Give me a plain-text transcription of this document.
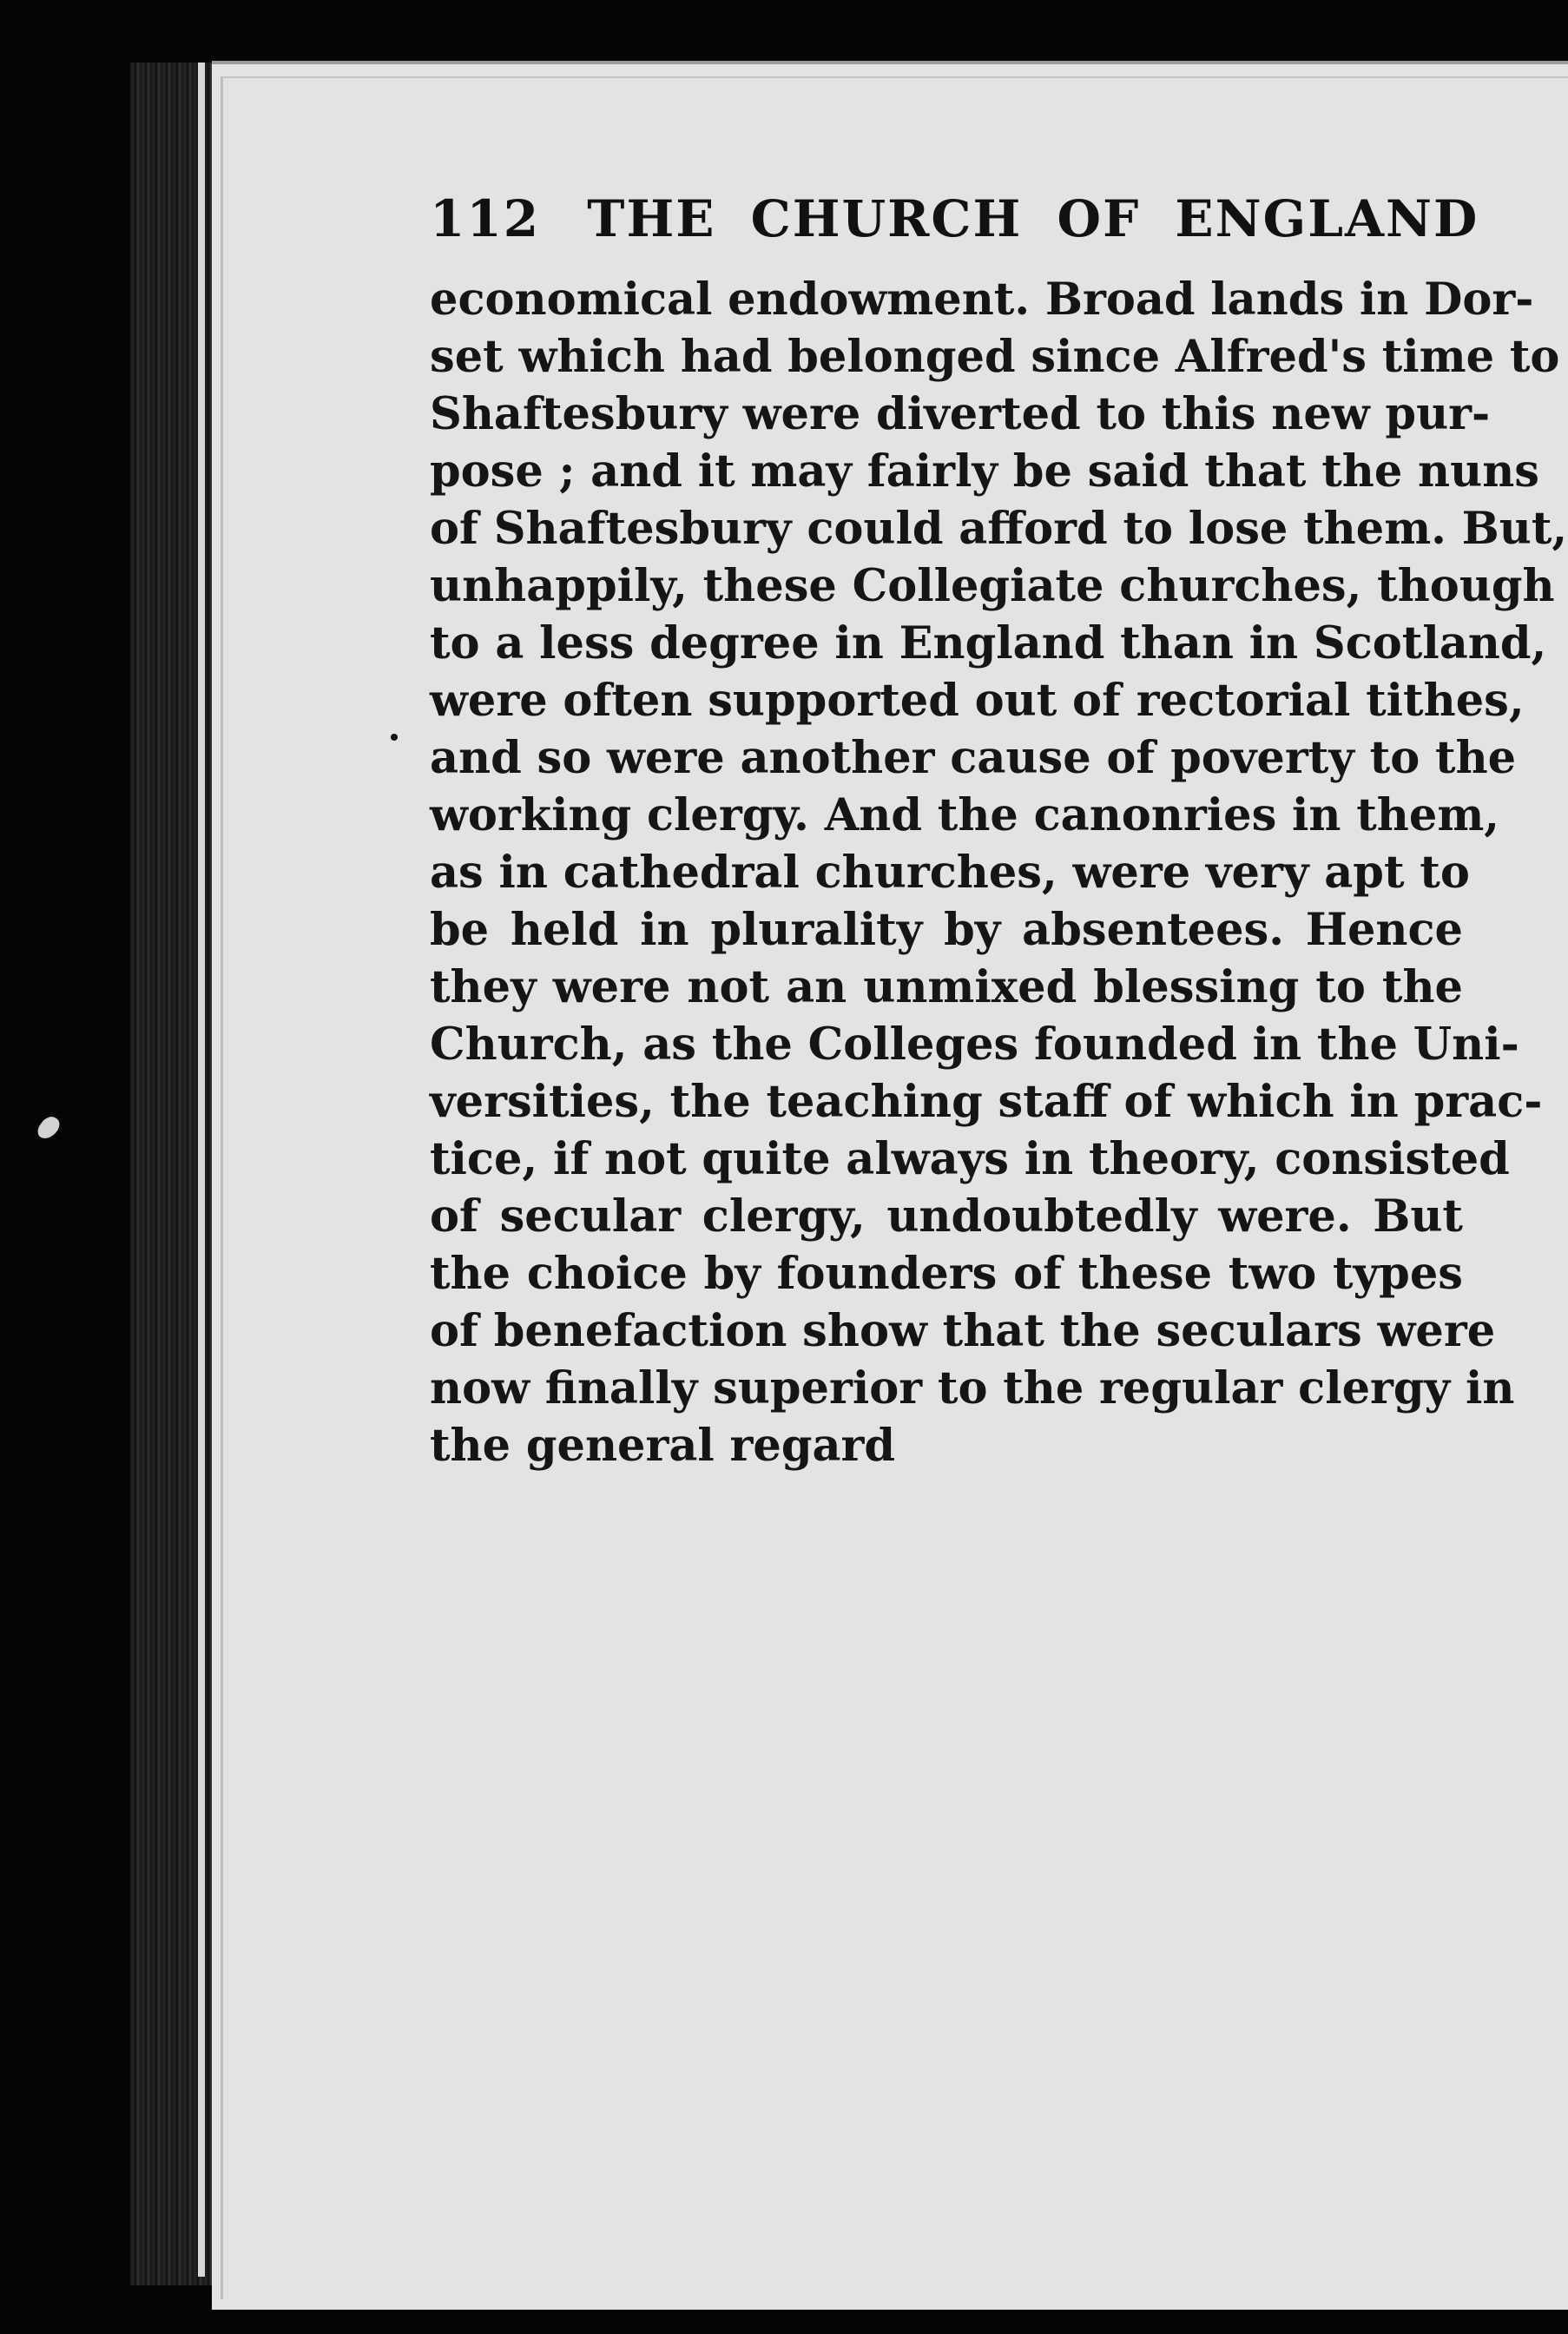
112 THE CHURCH OF ENGLAND
economical endowment. Broad lands in Dor-
set which had belonged since Alfred's time to
Shaftesbury were diverted to this new pur-
pose ; and it may fairly be said that the nuns
of Shaftesbury could afford to lose them. But,
unhappily, these Collegiate churches, though
to a less degree in England than in Scotland,
were often supported out of rectorial tithes,
and so were another cause of poverty to the
working clergy. And the canonries in them,
as in cathedral churches, were very apt to
be held in plurality by absentees. Hence
they were not an unmixed blessing to the
Church, as the Colleges founded in the Uni-
versities, the teaching staff of which in prac-
tice, if not quite always in theory, consisted
of secular clergy, undoubtedly were. But
the choice by founders of these two types
of benefaction show that the seculars were
now finally superior to the regular clergy in
the general regard
